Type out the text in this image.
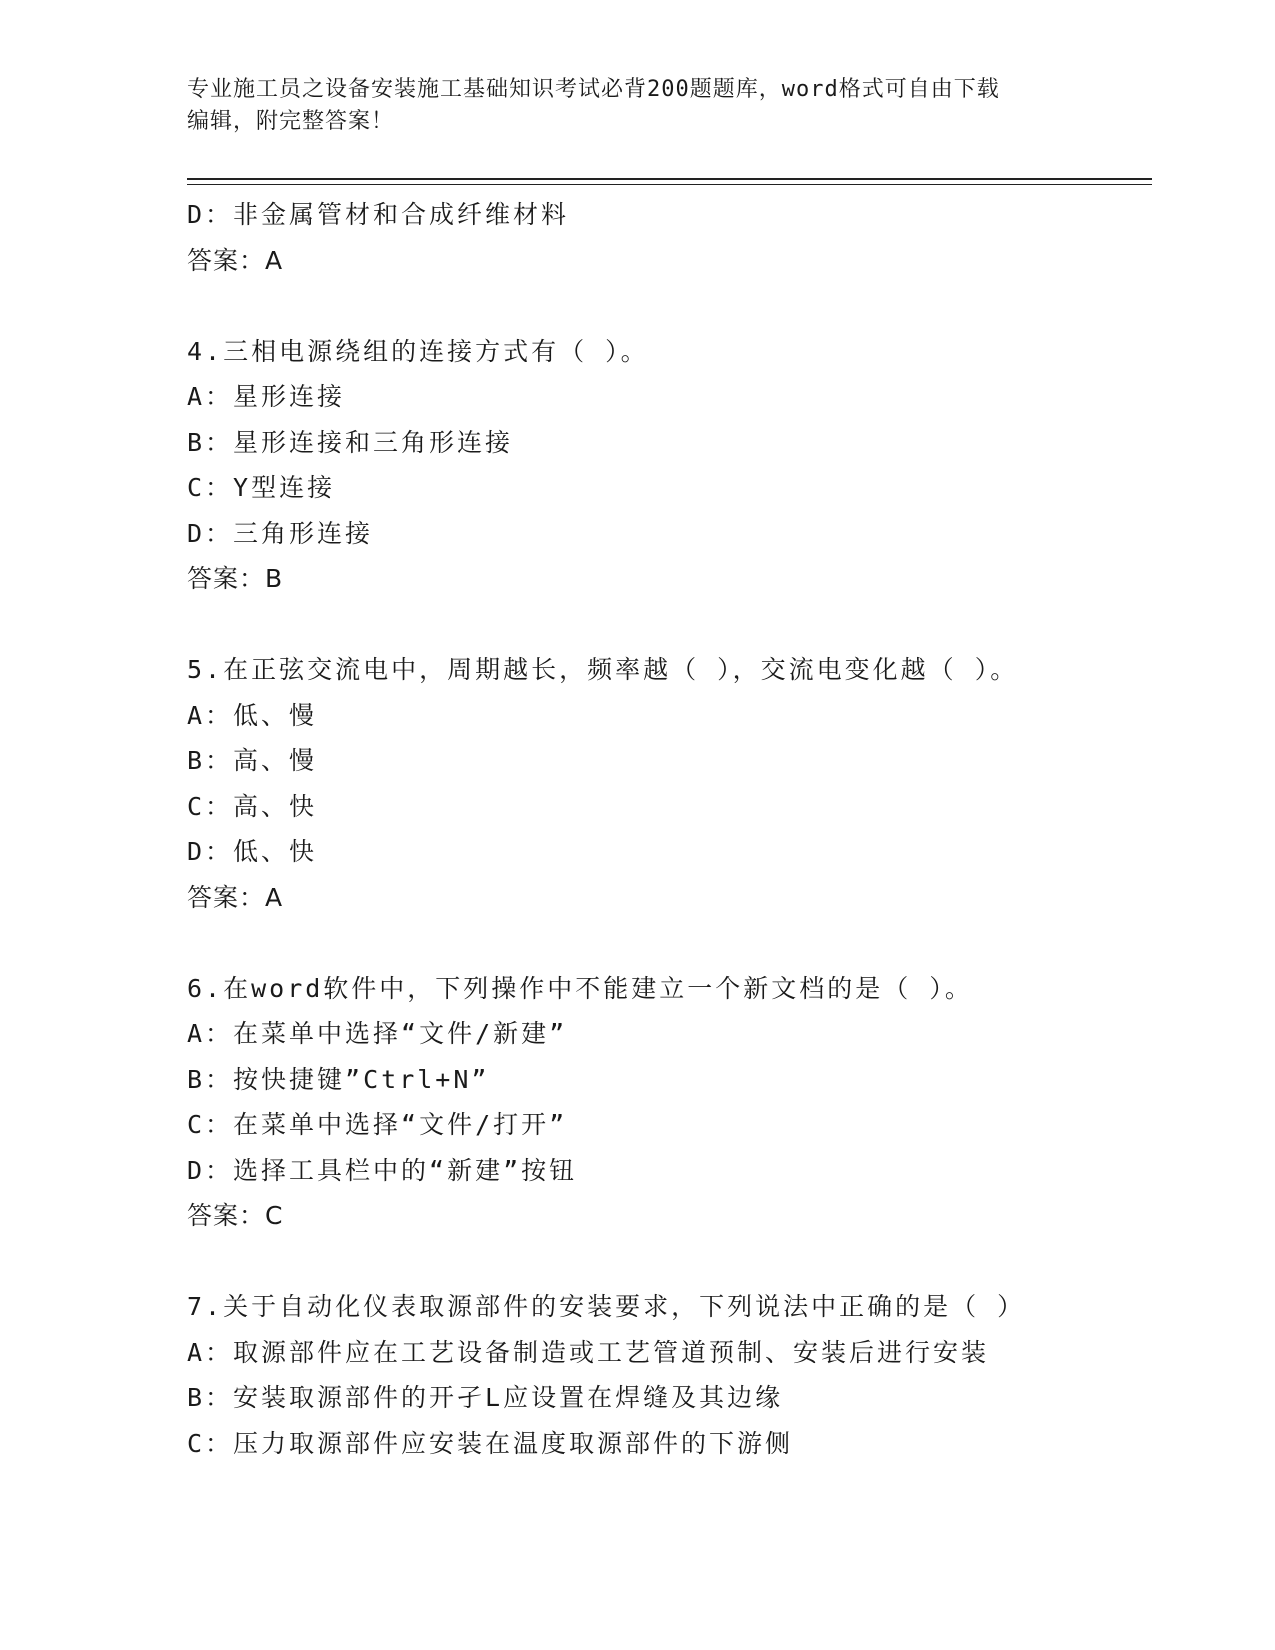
专业施工员之设备安装施工基础知识考试必背200题题库，word格式可自由下载
编辑，附完整答案！
D：非金属管材和合成纤维材料
答案：A
4.三相电源绕组的连接方式有（ ）。
A：星形连接
B：星形连接和三角形连接
C：Y型连接
D：三角形连接
答案：B
5.在正弦交流电中，周期越长，频率越（ ），交流电变化越（ ）。
A：低、慢
B：高、慢
C：高、快
D：低、快
答案：A
6.在word软件中，下列操作中不能建立一个新文档的是（ ）。
A：在菜单中选择“文件/新建”
B：按快捷键”Ctrl+N”
C：在菜单中选择“文件/打开”
D：选择工具栏中的“新建”按钮
答案：C
7.关于自动化仪表取源部件的安装要求，下列说法中正确的是（ ）
A：取源部件应在工艺设备制造或工艺管道预制、安装后进行安装
B：安装取源部件的开孑L应设置在焊缝及其边缘
C：压力取源部件应安装在温度取源部件的下游侧
